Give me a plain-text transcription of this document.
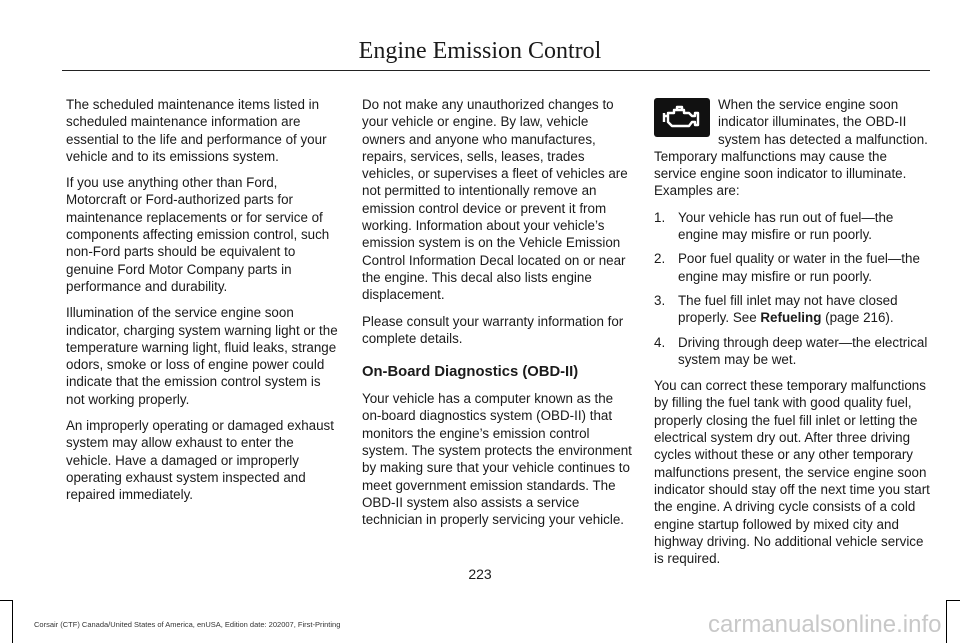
Engine Emission Control

The scheduled maintenance items listed in scheduled maintenance information are essential to the life and performance of your vehicle and to its emissions system.

If you use anything other than Ford, Motorcraft or Ford-authorized parts for maintenance replacements or for service of components affecting emission control, such non-Ford parts should be equivalent to genuine Ford Motor Company parts in performance and durability.

Illumination of the service engine soon indicator, charging system warning light or the temperature warning light, fluid leaks, strange odors, smoke or loss of engine power could indicate that the emission control system is not working properly.

An improperly operating or damaged exhaust system may allow exhaust to enter the vehicle. Have a damaged or improperly operating exhaust system inspected and repaired immediately.

Do not make any unauthorized changes to your vehicle or engine. By law, vehicle owners and anyone who manufactures, repairs, services, sells, leases, trades vehicles, or supervises a fleet of vehicles are not permitted to intentionally remove an emission control device or prevent it from working. Information about your vehicle’s emission system is on the Vehicle Emission Control Information Decal located on or near the engine. This decal also lists engine displacement.

Please consult your warranty information for complete details.

On-Board Diagnostics (OBD-II)

Your vehicle has a computer known as the on-board diagnostics system (OBD-II) that monitors the engine’s emission control system. The system protects the environment by making sure that your vehicle continues to meet government emission standards. The OBD-II system also assists a service technician in properly servicing your vehicle.

When the service engine soon indicator illuminates, the OBD-II system has detected a malfunction.

Temporary malfunctions may cause the service engine soon indicator to illuminate. Examples are:

1. Your vehicle has run out of fuel—the engine may misfire or run poorly.
2. Poor fuel quality or water in the fuel—the engine may misfire or run poorly.
3. The fuel fill inlet may not have closed properly. See Refueling (page 216).
4. Driving through deep water—the electrical system may be wet.

You can correct these temporary malfunctions by filling the fuel tank with good quality fuel, properly closing the fuel fill inlet or letting the electrical system dry out. After three driving cycles without these or any other temporary malfunctions present, the service engine soon indicator should stay off the next time you start the engine. A driving cycle consists of a cold engine startup followed by mixed city and highway driving. No additional vehicle service is required.

223
Corsair (CTF) Canada/United States of America, enUSA, Edition date: 202007, First-Printing	carmanualsonline.info
